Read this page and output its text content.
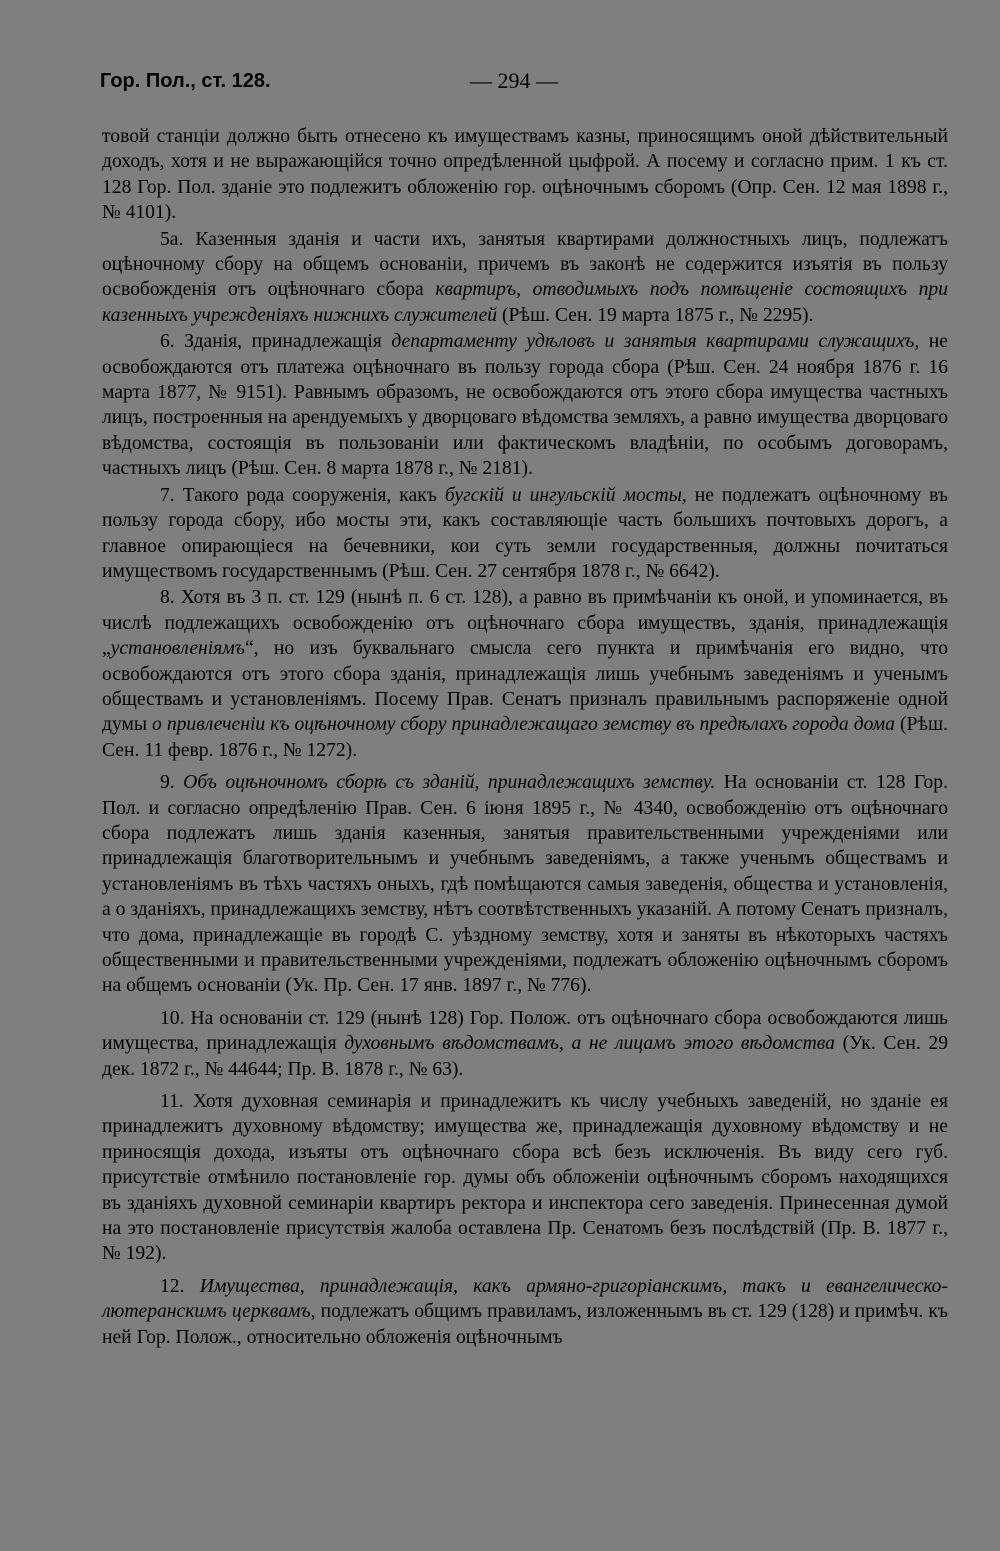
Гор. Пол., ст. 128.	— 294 —

товой станціи должно быть отнесено къ имуществамъ казны, приносящимъ оной дѣйствительный доходъ, хотя и не выражающійся точно опредѣленной цыфрой. А посему и согласно прим. 1 къ ст. 128 Гор. Пол. зданіе это подлежитъ обложенію гор. оцѣночнымъ сборомъ (Опр. Сен. 12 мая 1898 г., № 4101).

5а. Казенныя зданія и части ихъ, занятыя квартирами должностныхъ лицъ, подлежатъ оцѣночному сбору на общемъ основаніи, причемъ въ законѣ не содержится изъятія въ пользу освобожденія отъ оцѣночнаго сбора квартиръ, отводимыхъ подъ помѣщеніе состоящихъ при казенныхъ учрежденіяхъ нижнихъ служителей (Рѣш. Сен. 19 марта 1875 г., № 2295).

6. Зданія, принадлежащія департаменту удѣловъ и занятыя квартирами служащихъ, не освобождаются отъ платежа оцѣночнаго въ пользу города сбора (Рѣш. Сен. 24 ноября 1876 г. 16 марта 1877, № 9151). Равнымъ образомъ, не освобождаются отъ этого сбора имущества частныхъ лицъ, построенныя на арендуемыхъ у дворцоваго вѣдомства земляхъ, а равно имущества дворцоваго вѣдомства, состоящія въ пользованіи или фактическомъ владѣніи, по особымъ договорамъ, частныхъ лицъ (Рѣш. Сен. 8 марта 1878 г., № 2181).

7. Такого рода сооруженія, какъ бугскій и ингульскій мосты, не подлежатъ оцѣночному въ пользу города сбору, ибо мосты эти, какъ составляющіе часть большихъ почтовыхъ дорогъ, а главное опирающіеся на бечевники, кои суть земли государственныя, должны почитаться имуществомъ государственнымъ (Рѣш. Сен. 27 сентября 1878 г., № 6642).

8. Хотя въ 3 п. ст. 129 (нынѣ п. 6 ст. 128), а равно въ примѣчаніи къ оной, и упоминается, въ числѣ подлежащихъ освобожденію отъ оцѣночнаго сбора имуществъ, зданія, принадлежащія „установленіямъ“, но изъ буквальнаго смысла сего пункта и примѣчанія его видно, что освобождаются отъ этого сбора зданія, принадлежащія лишь учебнымъ заведеніямъ и ученымъ обществамъ и установленіямъ. Посему Прав. Сенатъ призналъ правильнымъ распоряженіе одной думы о привлеченіи къ оцѣночному сбору принадлежащаго земству въ предѣлахъ города дома (Рѣш. Сен. 11 февр. 1876 г., № 1272).

9. Объ оцѣночномъ сборѣ съ зданій, принадлежащихъ земству. На основаніи ст. 128 Гор. Пол. и согласно опредѣленію Прав. Сен. 6 іюня 1895 г., № 4340, освобожденію отъ оцѣночнаго сбора подлежатъ лишь зданія казенныя, занятыя правительственными учрежденіями или принадлежащія благотворительнымъ и учебнымъ заведеніямъ, а также ученымъ обществамъ и установленіямъ въ тѣхъ частяхъ оныхъ, гдѣ помѣщаются самыя заведенія, общества и установленія, а о зданіяхъ, принадлежащихъ земству, нѣтъ соотвѣтственныхъ указаній. А потому Сенатъ призналъ, что дома, принадлежащіе въ городѣ С. уѣздному земству, хотя и заняты въ нѣкоторыхъ частяхъ общественными и правительственными учрежденіями, подлежатъ обложенію оцѣночнымъ сборомъ на общемъ основаніи (Ук. Пр. Сен. 17 янв. 1897 г., № 776).

10. На основаніи ст. 129 (нынѣ 128) Гор. Полож. отъ оцѣночнаго сбора освобождаются лишь имущества, принадлежащія духовнымъ вѣдомствамъ, а не лицамъ этого вѣдомства (Ук. Сен. 29 дек. 1872 г., № 44644; Пр. В. 1878 г., № 63).

11. Хотя духовная семинарія и принадлежитъ къ числу учебныхъ заведеній, но зданіе ея принадлежитъ духовному вѣдомству; имущества же, принадлежащія духовному вѣдомству и не приносящія дохода, изъяты отъ оцѣночнаго сбора всѣ безъ исключенія. Въ виду сего губ. присутствіе отмѣнило постановленіе гор. думы объ обложеніи оцѣночнымъ сборомъ находящихся въ зданіяхъ духовной семинаріи квартиръ ректора и инспектора сего заведенія. Принесенная думой на это постановленіе присутствія жалоба оставлена Пр. Сенатомъ безъ послѣдствій (Пр. В. 1877 г., № 192).

12. Имущества, принадлежащія, какъ армяно-григоріанскимъ, такъ и евангелическо-лютеранскимъ церквамъ, подлежатъ общимъ правиламъ, изложеннымъ въ ст. 129 (128) и примѣч. къ ней Гор. Полож., относительно обложенія оцѣночнымъ
